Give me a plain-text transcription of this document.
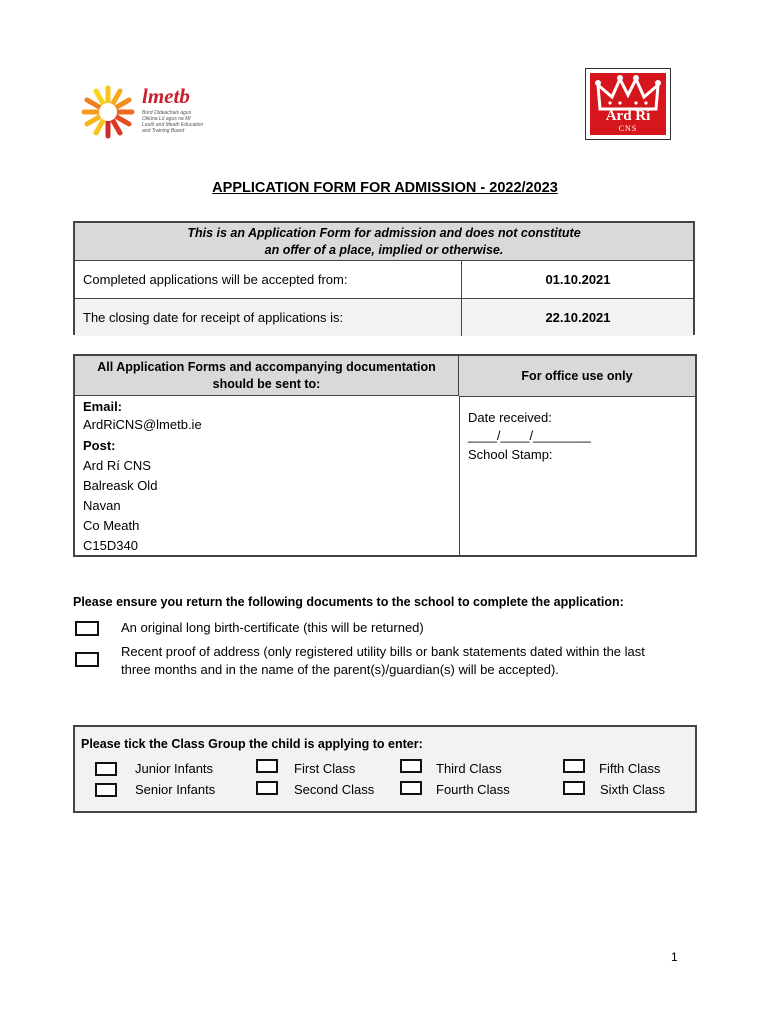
lmetb
Bord Oideachais agus
Oiliúna Lú agus na Mí
Louth and Meath Education
and Training Board
Ard Rí
CNS
APPLICATION FORM FOR ADMISSION - 2022/2023
This is an Application Form for admission and does not constitute
an offer of a place, implied or otherwise.
Completed applications will be accepted from:	01.10.2021
The closing date for receipt of applications is:	22.10.2021
All Application Forms and accompanying documentation
should be sent to:
For office use only
Email:
ArdRiCNS@lmetb.ie
Post:
Ard Rí CNS
Balreask Old
Navan
Co Meath
C15D340
Date received:
____/____/________
School Stamp:
Please ensure you return the following documents to the school to complete the application:
An original long birth-certificate (this will be returned)
Recent proof of address (only registered utility bills or bank statements dated within the last
three months and in the name of the parent(s)/guardian(s) will be accepted).
Please tick the Class Group the child is applying to enter:
Junior Infants
Senior Infants
First Class
Second Class
Third Class
Fourth Class
Fifth Class
Sixth Class
1
